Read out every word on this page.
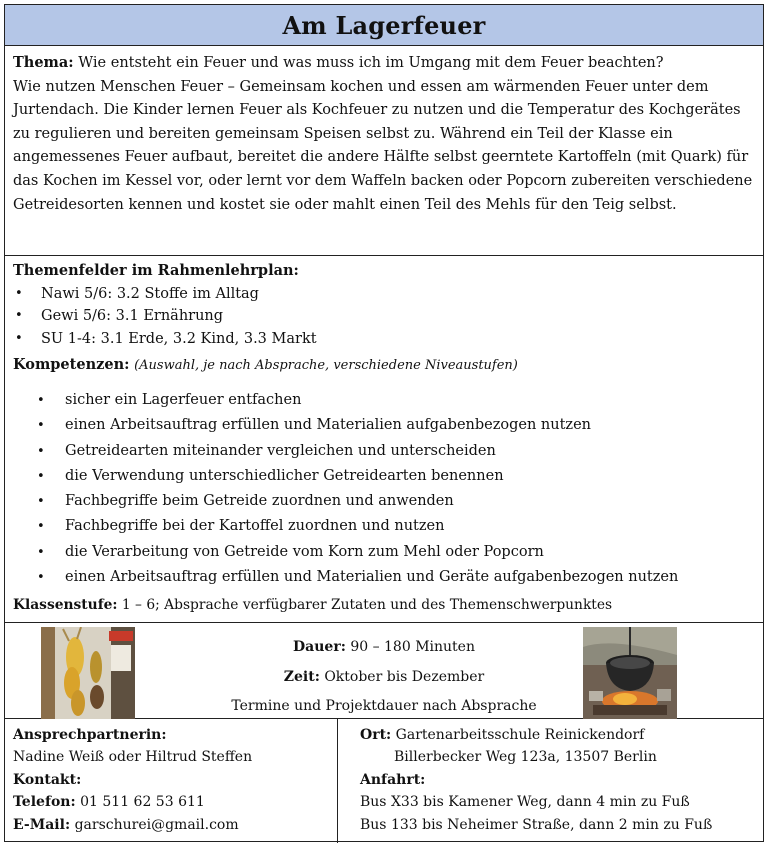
Am Lagerfeuer
Thema: Wie entsteht ein Feuer und was muss ich im Umgang mit dem Feuer beachten?
Wie nutzen Menschen Feuer – Gemeinsam kochen und essen am wärmenden Feuer unter dem Jurtendach. Die Kinder lernen Feuer als Kochfeuer zu nutzen und die Temperatur des Kochgerätes zu regulieren und bereiten gemeinsam Speisen selbst zu. Während ein Teil der Klasse ein angemessenes Feuer aufbaut, bereitet die andere Hälfte selbst geerntete Kartoffeln (mit Quark) für das Kochen im Kessel vor, oder lernt vor dem Waffeln backen oder Popcorn zubereiten verschiedene Getreidesorten kennen und kostet sie oder mahlt einen Teil des Mehls für den Teig selbst.
Themenfelder im Rahmenlehrplan:
• Nawi 5/6: 3.2 Stoffe im Alltag
• Gewi 5/6: 3.1 Ernährung
• SU 1-4: 3.1 Erde, 3.2 Kind, 3.3 Markt
Kompetenzen: (Auswahl, je nach Absprache, verschiedene Niveaustufen)
• sicher ein Lagerfeuer entfachen
• einen Arbeitsauftrag erfüllen und Materialien aufgabenbezogen nutzen
• Getreidearten miteinander vergleichen und unterscheiden
• die Verwendung unterschiedlicher Getreidearten benennen
• Fachbegriffe beim Getreide zuordnen und anwenden
• Fachbegriffe bei der Kartoffel zuordnen und nutzen
• die Verarbeitung von Getreide vom Korn zum Mehl oder Popcorn
• einen Arbeitsauftrag erfüllen und Materialien und Geräte aufgabenbezogen nutzen
Klassenstufe: 1 – 6; Absprache verfügbarer Zutaten und des Themenschwerpunktes
Dauer: 90 – 180 Minuten
Zeit: Oktober bis Dezember
Termine und Projektdauer nach Absprache
Ansprechpartnerin:
Nadine Weiß oder Hiltrud Steffen
Kontakt:
Telefon: 01 511 62 53 611
E-Mail: garschurei@gmail.com
Ort: Gartenarbeitsschule Reinickendorf
Billerbecker Weg 123a, 13507 Berlin
Anfahrt:
Bus X33 bis Kamener Weg, dann 4 min zu Fuß
Bus 133 bis Neheimer Straße, dann 2 min zu Fuß
